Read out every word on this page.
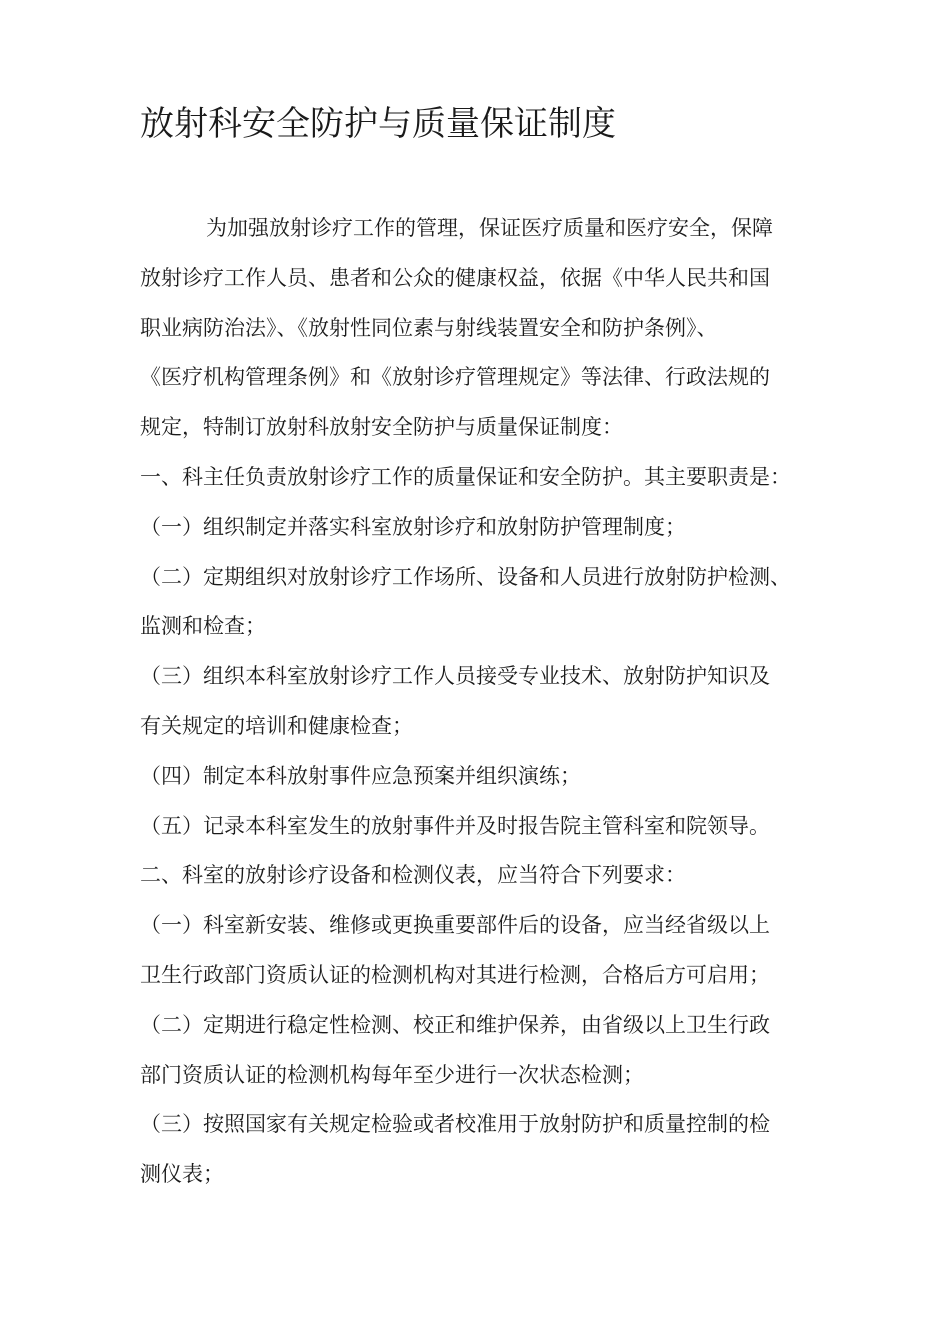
放射科安全防护与质量保证制度
为加强放射诊疗工作的管理，保证医疗质量和医疗安全，保障
放射诊疗工作人员、患者和公众的健康权益，依据《中华人民共和国
职业病防治法》、《放射性同位素与射线装置安全和防护条例》、
《医疗机构管理条例》和《放射诊疗管理规定》等法律、行政法规的
规定，特制订放射科放射安全防护与质量保证制度：
一、科主任负责放射诊疗工作的质量保证和安全防护。其主要职责是：
（一）组织制定并落实科室放射诊疗和放射防护管理制度；
（二）定期组织对放射诊疗工作场所、设备和人员进行放射防护检测、
监测和检查；
（三）组织本科室放射诊疗工作人员接受专业技术、放射防护知识及
有关规定的培训和健康检查；
（四）制定本科放射事件应急预案并组织演练；
（五）记录本科室发生的放射事件并及时报告院主管科室和院领导。
二、科室的放射诊疗设备和检测仪表，应当符合下列要求：
（一）科室新安装、维修或更换重要部件后的设备，应当经省级以上
卫生行政部门资质认证的检测机构对其进行检测，合格后方可启用；
（二）定期进行稳定性检测、校正和维护保养，由省级以上卫生行政
部门资质认证的检测机构每年至少进行一次状态检测；
（三）按照国家有关规定检验或者校准用于放射防护和质量控制的检
测仪表；
